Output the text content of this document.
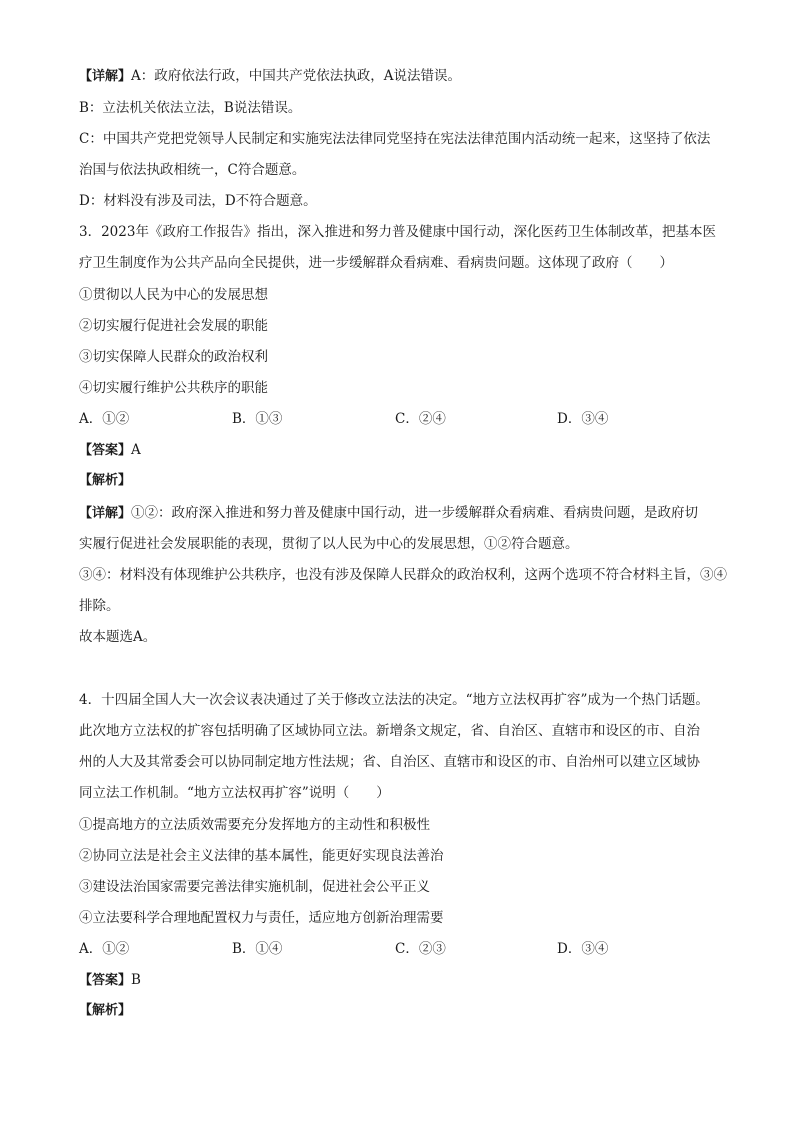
【详解】A：政府依法行政，中国共产党依法执政，A说法错误。
B：立法机关依法立法，B说法错误。
C：中国共产党把党领导人民制定和实施宪法法律同党坚持在宪法法律范围内活动统一起来，这坚持了依法
治国与依法执政相统一，C符合题意。
D：材料没有涉及司法，D不符合题意。
3．2023年《政府工作报告》指出，深入推进和努力普及健康中国行动，深化医药卫生体制改革，把基本医
疗卫生制度作为公共产品向全民提供，进一步缓解群众看病难、看病贵问题。这体现了政府（　　）
①贯彻以人民为中心的发展思想
②切实履行促进社会发展的职能
③切实保障人民群众的政治权利
④切实履行维护公共秩序的职能
A．①②	B．①③	C．②④	D．③④
【答案】A
【解析】
【详解】①②：政府深入推进和努力普及健康中国行动，进一步缓解群众看病难、看病贵问题，是政府切
实履行促进社会发展职能的表现，贯彻了以人民为中心的发展思想，①②符合题意。
③④：材料没有体现维护公共秩序，也没有涉及保障人民群众的政治权利，这两个选项不符合材料主旨，③④
排除。
故本题选A。
4．十四届全国人大一次会议表决通过了关于修改立法法的决定。“地方立法权再扩容”成为一个热门话题。
此次地方立法权的扩容包括明确了区域协同立法。新增条文规定，省、自治区、直辖市和设区的市、自治
州的人大及其常委会可以协同制定地方性法规；省、自治区、直辖市和设区的市、自治州可以建立区域协
同立法工作机制。“地方立法权再扩容”说明（　　）
①提高地方的立法质效需要充分发挥地方的主动性和积极性
②协同立法是社会主义法律的基本属性，能更好实现良法善治
③建设法治国家需要完善法律实施机制，促进社会公平正义
④立法要科学合理地配置权力与责任，适应地方创新治理需要
A．①②	B．①④	C．②③	D．③④
【答案】B
【解析】
